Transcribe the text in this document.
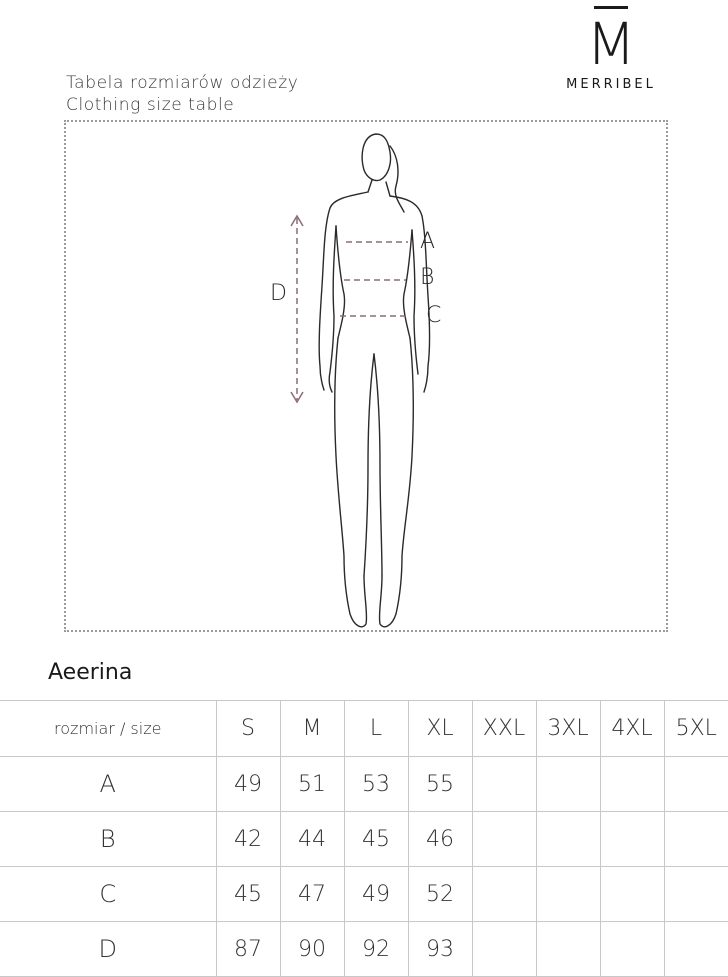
Tabela rozmiarów odzieży
Clothing size table
M
MERRIBEL
A
B
C
D
Aeerina
rozmiar / size	S	M	L	XL	XXL	3XL	4XL	5XL
A	49	51	53	55				
B	42	44	45	46				
C	45	47	49	52				
D	87	90	92	93				
